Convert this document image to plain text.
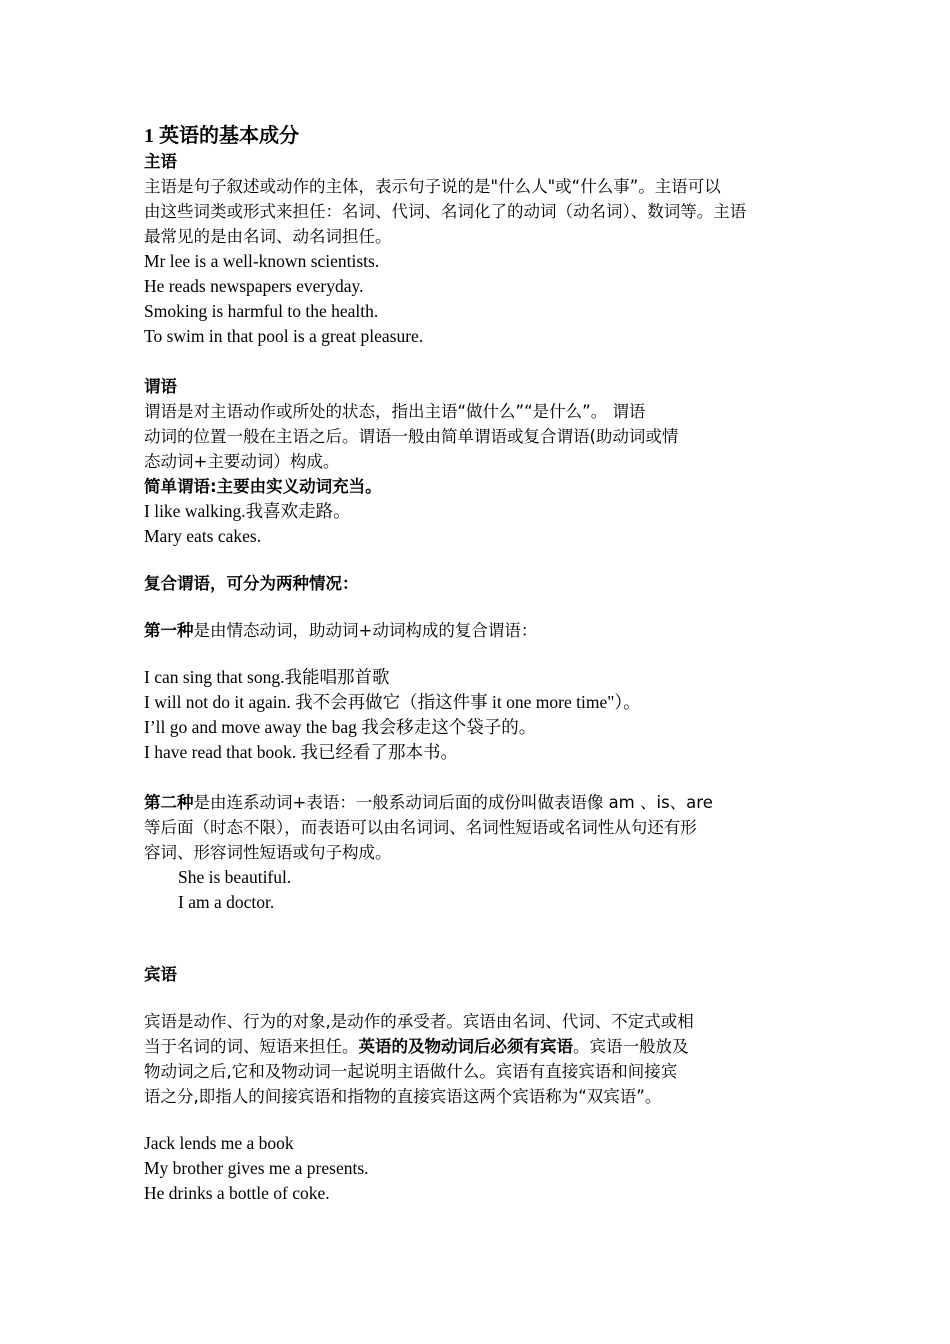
1 英语的基本成分

主语

主语是句子叙述或动作的主体，表示句子说的是"什么人"或“什么事”。主语可以

由这些词类或形式来担任：名词、代词、名词化了的动词（动名词）、数词等。主语

最常见的是由名词、动名词担任。

Mr lee is a well-known scientists.

He reads newspapers everyday.

Smoking is harmful to the health.

To swim in that pool is a great pleasure.

谓语

谓语是对主语动作或所处的状态，指出主语“做什么”“是什么”。 谓语

动词的位置一般在主语之后。谓语一般由简单谓语或复合谓语(助动词或情

态动词+主要动词）构成。

简单谓语:主要由实义动词充当。

I like walking.我喜欢走路。

Mary eats cakes.

复合谓语，可分为两种情况：

第一种是由情态动词，助动词+动词构成的复合谓语：

I can sing that song.我能唱那首歌

I will not do it again. 我不会再做它（指这件事 it one more time"）。

I’ll go and move away the bag 我会移走这个袋子的。

I have read that book. 我已经看了那本书。

第二种是由连系动词+表语：一般系动词后面的成份叫做表语像 am 、is、are

等后面（时态不限），而表语可以由名词词、名词性短语或名词性从句还有形

容词、形容词性短语或句子构成。

She is beautiful.

I am a doctor.

宾语

宾语是动作、行为的对象,是动作的承受者。宾语由名词、代词、不定式或相

当于名词的词、短语来担任。英语的及物动词后必须有宾语。宾语一般放及

物动词之后,它和及物动词一起说明主语做什么。宾语有直接宾语和间接宾

语之分,即指人的间接宾语和指物的直接宾语这两个宾语称为“双宾语”。

Jack lends me a book

My brother gives me a presents.

He drinks a bottle of coke.
